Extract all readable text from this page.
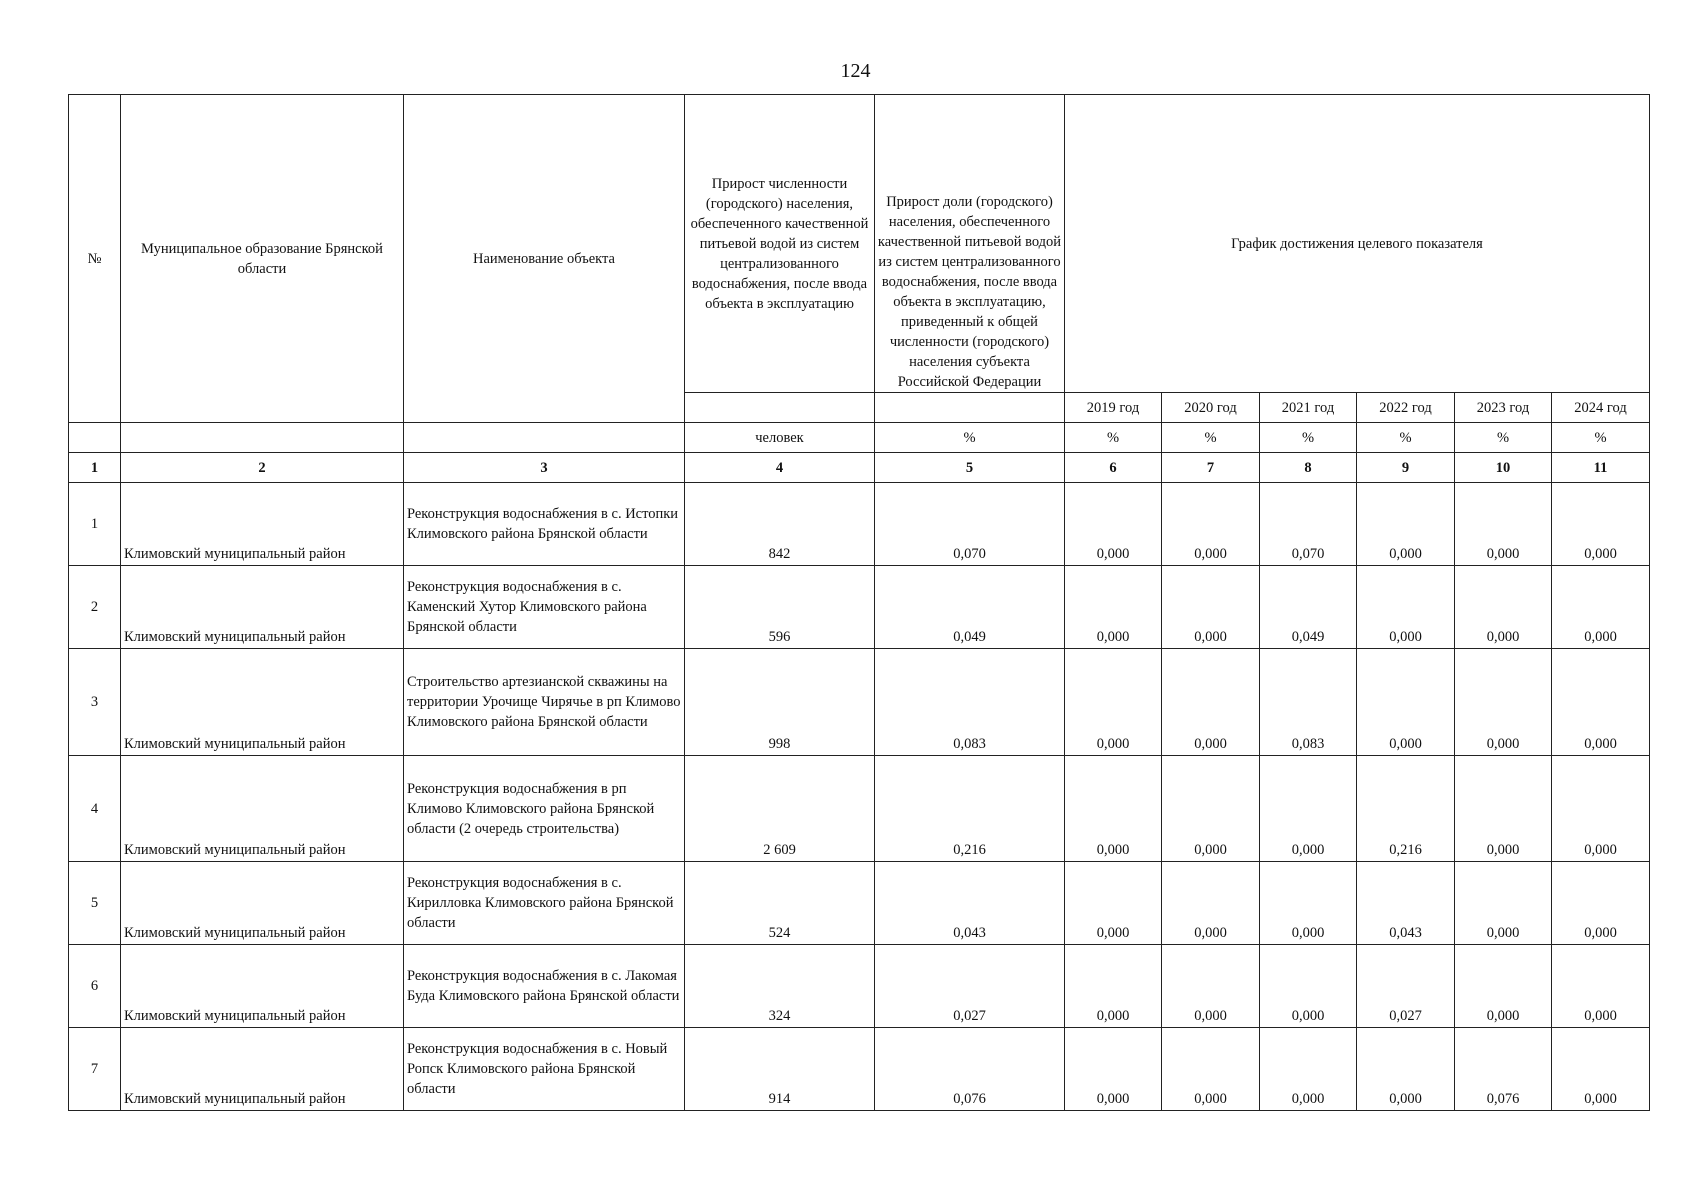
124
№	Муниципальное образование Брянской области	Наименование объекта	Прирост численности (городского) населения, обеспеченного качественной питьевой водой из систем централизованного водоснабжения, после ввода объекта в эксплуатацию	Прирост доли (городского) населения, обеспеченного качественной питьевой водой из систем централизованного водоснабжения, после ввода объекта в эксплуатацию, приведенный к общей численности (городского) населения субъекта Российской Федерации	График достижения целевого показателя					
					2019 год	2020 год	2021 год	2022 год	2023 год	2024 год
			человек	%	%	%	%	%	%	%
1	2	3	4	5	6	7	8	9	10	11
1	Климовский муниципальный район	Реконструкция водоснабжения в с. Истопки Климовского района Брянской области	842	0,070	0,000	0,000	0,070	0,000	0,000	0,000
2	Климовский муниципальный район	Реконструкция водоснабжения в с. Каменский Хутор Климовского района Брянской области	596	0,049	0,000	0,000	0,049	0,000	0,000	0,000
3	Климовский муниципальный район	Строительство артезианской скважины на территории Урочище Чирячье в рп Климово Климовского района Брянской области	998	0,083	0,000	0,000	0,083	0,000	0,000	0,000
4	Климовский муниципальный район	Реконструкция водоснабжения в рп Климово Климовского района Брянской области (2 очередь строительства)	2 609	0,216	0,000	0,000	0,000	0,216	0,000	0,000
5	Климовский муниципальный район	Реконструкция водоснабжения в с. Кирилловка Климовского района Брянской области	524	0,043	0,000	0,000	0,000	0,043	0,000	0,000
6	Климовский муниципальный район	Реконструкция водоснабжения в с. Лакомая Буда Климовского района Брянской области	324	0,027	0,000	0,000	0,000	0,027	0,000	0,000
7	Климовский муниципальный район	Реконструкция водоснабжения в с. Новый Ропск Климовского района Брянской области	914	0,076	0,000	0,000	0,000	0,000	0,076	0,000
